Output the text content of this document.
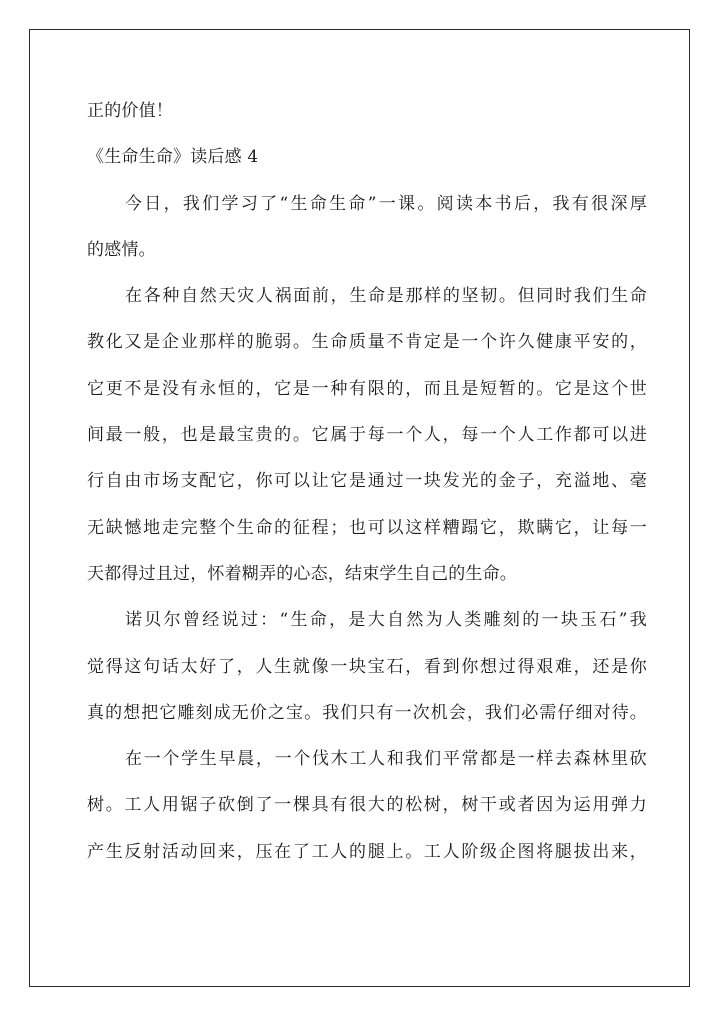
正的价值！
《生命生命》读后感 4
今日，我们学习了“生命生命”一课。阅读本书后，我有很深厚
的感情。
在各种自然天灾人祸面前，生命是那样的坚韧。但同时我们生命
教化又是企业那样的脆弱。生命质量不肯定是一个许久健康平安的，
它更不是没有永恒的，它是一种有限的，而且是短暂的。它是这个世
间最一般，也是最宝贵的。它属于每一个人，每一个人工作都可以进
行自由市场支配它，你可以让它是通过一块发光的金子，充溢地、毫
无缺憾地走完整个生命的征程；也可以这样糟蹋它，欺瞒它，让每一
天都得过且过，怀着糊弄的心态，结束学生自己的生命。
诺贝尔曾经说过：“生命，是大自然为人类雕刻的一块玉石”我
觉得这句话太好了，人生就像一块宝石，看到你想过得艰难，还是你
真的想把它雕刻成无价之宝。我们只有一次机会，我们必需仔细对待。
在一个学生早晨，一个伐木工人和我们平常都是一样去森林里砍
树。工人用锯子砍倒了一棵具有很大的松树，树干或者因为运用弹力
产生反射活动回来，压在了工人的腿上。工人阶级企图将腿拔出来，
